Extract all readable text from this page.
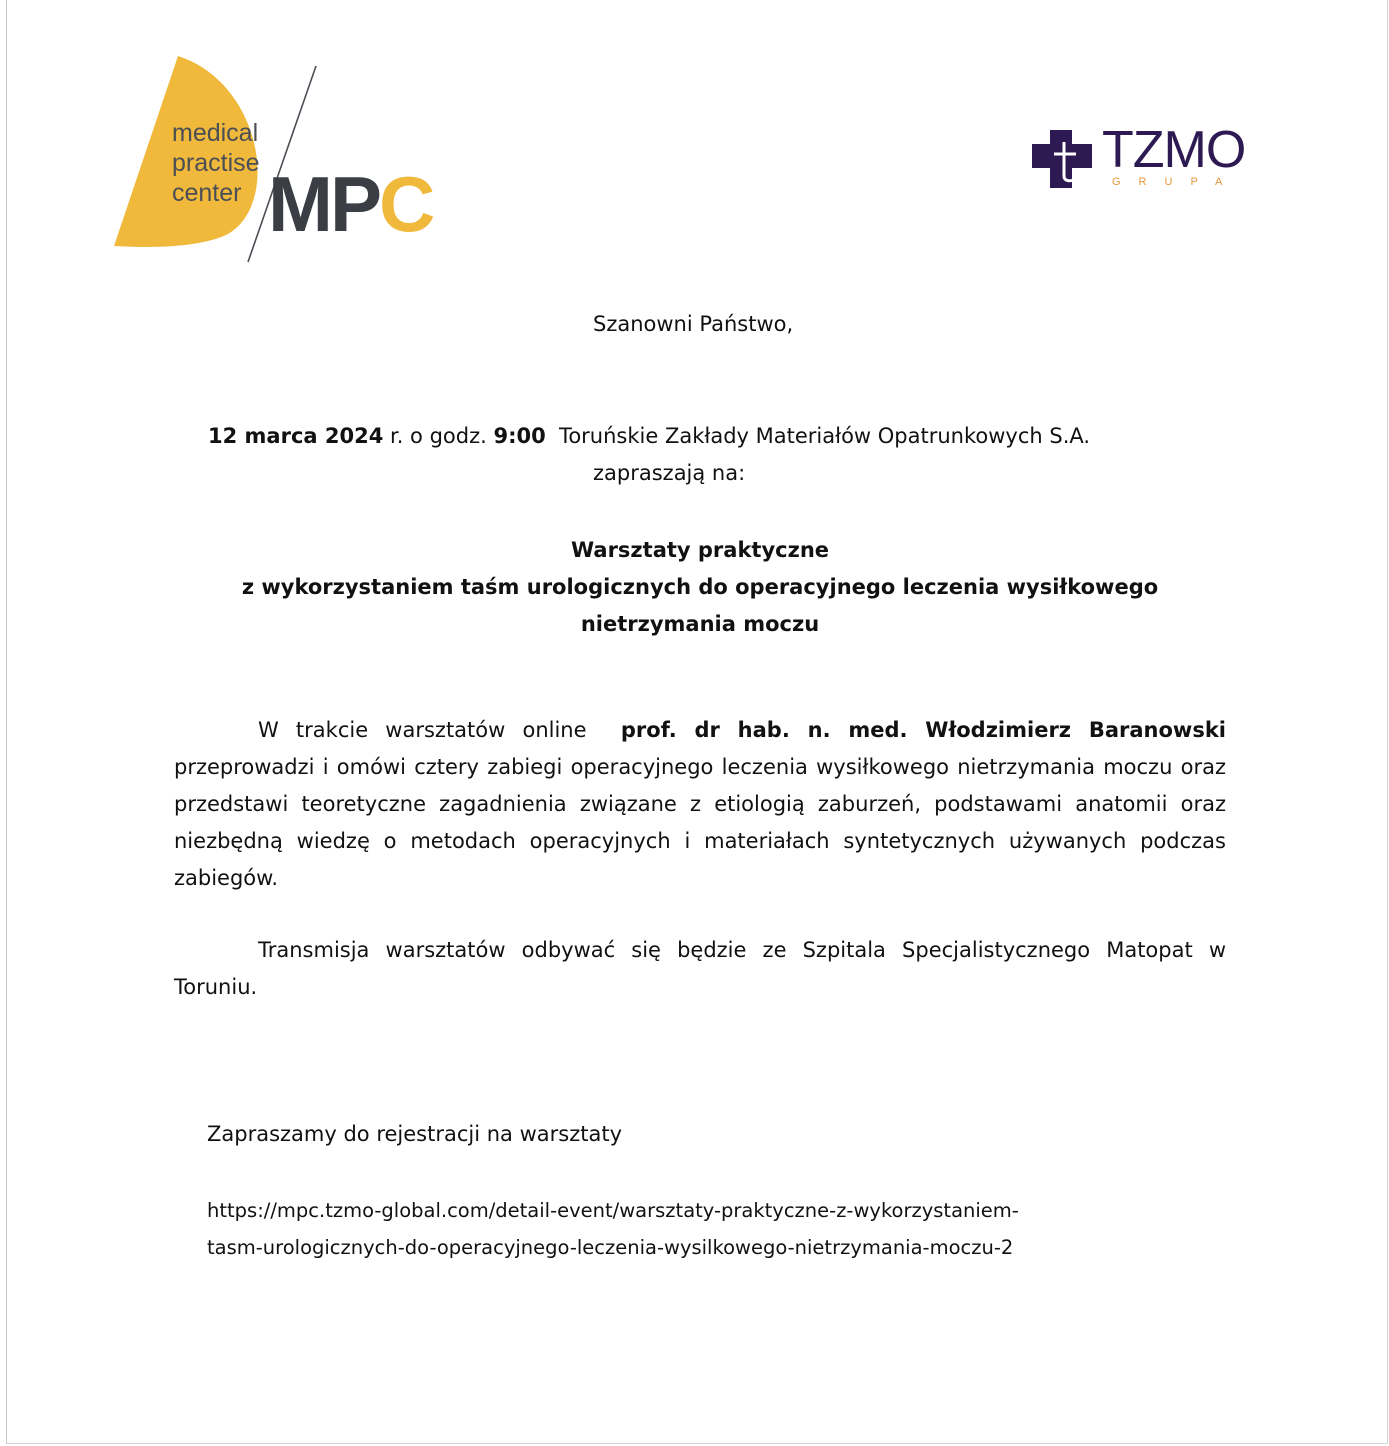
medical
practise
center MPC
TZMO
GRUPA
Szanowni Państwo,
12 marca 2024 r. o godz. 9:00  Toruńskie Zakłady Materiałów Opatrunkowych S.A.
zapraszają na:
Warsztaty praktyczne
z wykorzystaniem taśm urologicznych do operacyjnego leczenia wysiłkowego
nietrzymania moczu
W trakcie warsztatów online  prof. dr hab. n. med. Włodzimierz Baranowski przeprowadzi i omówi cztery zabiegi operacyjnego leczenia wysiłkowego nietrzymania moczu oraz przedstawi teoretyczne zagadnienia związane z etiologią zaburzeń, podstawami anatomii oraz niezbędną wiedzę o metodach operacyjnych i materiałach syntetycznych używanych podczas zabiegów.
Transmisja warsztatów odbywać się będzie ze Szpitala Specjalistycznego Matopat w Toruniu.
Zapraszamy do rejestracji na warsztaty
https://mpc.tzmo-global.com/detail-event/warsztaty-praktyczne-z-wykorzystaniem-
tasm-urologicznych-do-operacyjnego-leczenia-wysilkowego-nietrzymania-moczu-2
